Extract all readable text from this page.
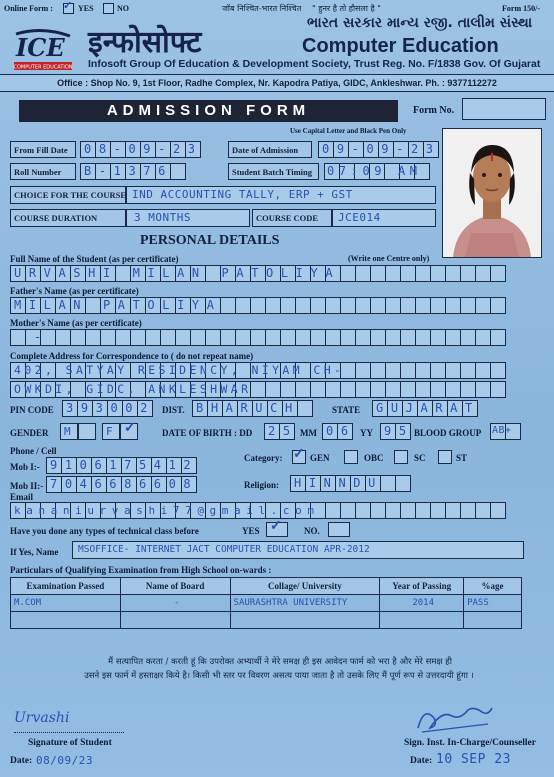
Online Form : ✓ YES	NO	जॉब निश्चित-भारत निश्चित " हुनर है तो हौसला है "	Form 150/-
ICE
COMPUTER EDUCATION
इन्फोसोफ्ट
ભારત સરકાર માન્ય રજી. તાલીમ સંસ્થા
Computer Education
Infosoft Group Of Education & Development Society, Trust Reg. No. F/1838 Gov. Of Gujarat
Office : Shop No. 9, 1st Floor, Radhe Complex, Nr. Kapodra Patiya, GIDC, Ankleshwar. Ph. : 9377112272
ADMISSION FORM	Form No.
Use Capital Letter and Black Pen Only
From Fill Date	08-09-23	Date of Admission	09-09-23
Roll Number	B-1376	Student Batch Timing	07:09 AM
CHOICE FOR THE COURSE IND ACCOUNTING TALLY, ERP + GST
COURSE DURATION	3 MONTHS	COURSE CODE	JCE014
PERSONAL DETAILS
Full Name of the Student (as per certificate)	(Write one Centre only)
URVASHI MILAN PATOLIYA
Father's Name (as per certificate)
MILAN PATOLIYA
Mother's Name (as per certificate)
-
Complete Address for Correspondence to ( do not repeat name)
402, SATYAY RESIDENCY, NIYAM CH-
OWKDI, GIDC, ANKLESHWAR
PIN CODE 393002 DIST. BHARUCH	STATE GUJARAT
GENDER M	F ✓	DATE OF BIRTH : DD 25 MM 06 YY 95 BLOOD GROUP AB+
Phone / Cell
Mob I:- 9106175412
Mob II:- 7046686608
Category: ✓ GEN	OBC	SC	ST
Religion: HINNDU
Email
kananiurvashi77@gmail.com
Have you done any types of technical class before	YES ✓ NO.
If Yes, Name MSOFFICE- INTERNET JACT COMPUTER EDUCATION APR-2012
Particulars of Qualifying Examination from High School on-wards :
Examination Passed	Name of Board	Collage/ University	Year of Passing	%age
M.COM	-	SAURASHTRA UNIVERSITY	2014	PASS

मैं सत्यापित करता / करती हूं कि उपरोक्त अभ्यार्थी ने मेरे समक्ष ही इस आवेदन फार्म को भरा है और मेरे समक्ष ही
उसने इस फार्म में हस्ताक्षर किये है। किसी भी स्तर पर विवरण असत्य पाया जाता है तो उसके लिए मैं पूर्ण रूप से उत्तरदायी हूंगा ।
Urvashi
Signature of Student
Date: 08/09/23
Sign. Inst. In-Charge/Counseller
Date: 10 SEP 23
